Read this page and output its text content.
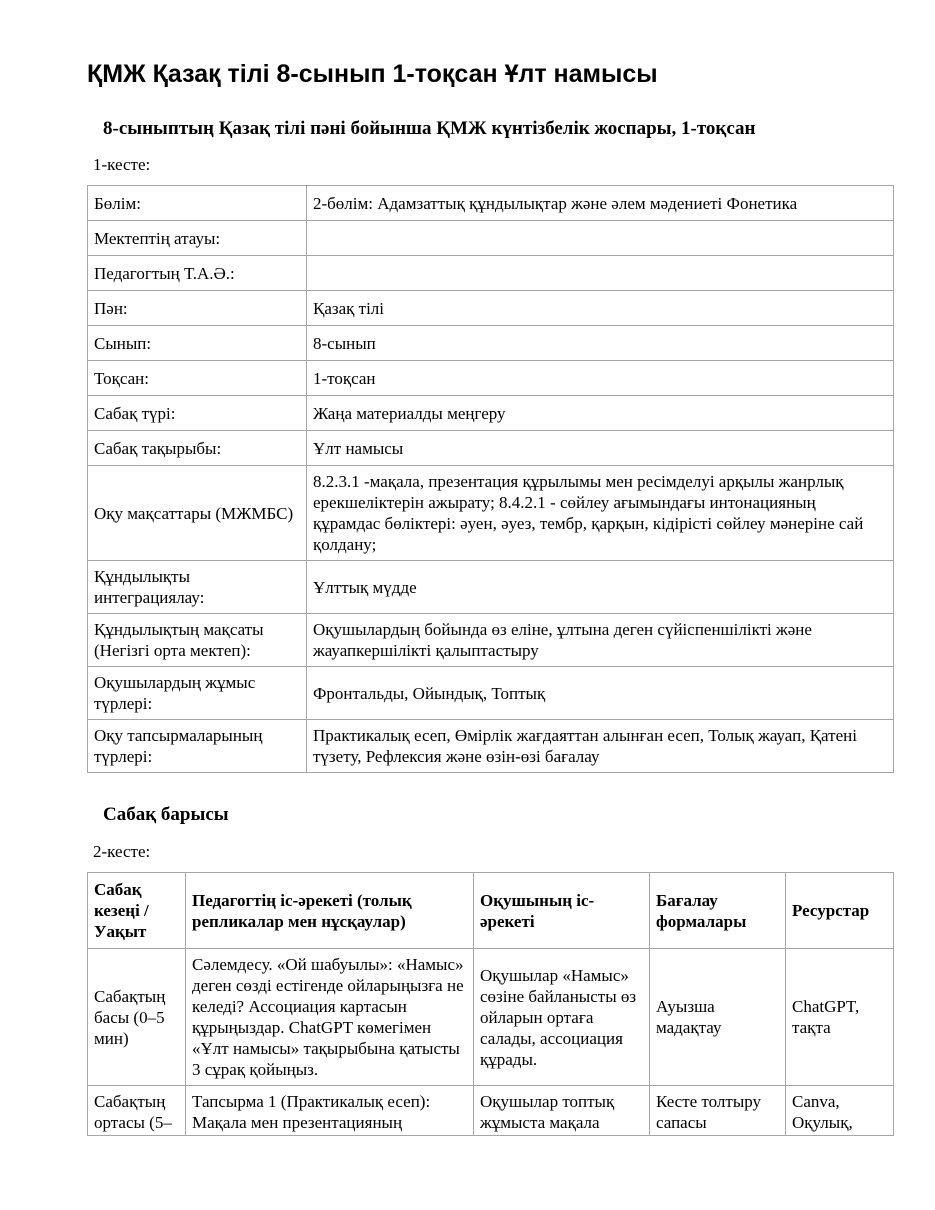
ҚМЖ Қазақ тілі 8-сынып 1-тоқсан Ұлт намысы
8-сыныптың Қазақ тілі пәні бойынша ҚМЖ күнтізбелік жоспары, 1-тоқсан
1-кесте:
Бөлім:	2-бөлім: Адамзаттық құндылықтар және әлем мәдениеті Фонетика
Мектептің атауы:	
Педагогтың Т.А.Ә.:	
Пән:	Қазақ тілі
Сынып:	8-сынып
Тоқсан:	1-тоқсан
Сабақ түрі:	Жаңа материалды меңгеру
Сабақ тақырыбы:	Ұлт намысы
Оқу мақсаттары (МЖМБС)	8.2.3.1 -мақала, презентация құрылымы мен ресімделуі арқылы жанрлық ерекшеліктерін ажырату; 8.4.2.1 - сөйлеу ағымындағы интонацияның құрамдас бөліктері: әуен, әуез, тембр, қарқын, кідірісті сөйлеу мәнеріне сай қолдану;
Құндылықты интеграциялау:	Ұлттық мүдде
Құндылықтың мақсаты (Негізгі орта мектеп):	Оқушылардың бойында өз еліне, ұлтына деген сүйіспеншілікті және жауапкершілікті қалыптастыру
Оқушылардың жұмыс түрлері:	Фронтальды, Ойындық, Топтық
Оқу тапсырмаларының түрлері:	Практикалық есеп, Өмірлік жағдаяттан алынған есеп, Толық жауап, Қатені түзету, Рефлексия және өзін-өзі бағалау
Сабақ барысы
2-кесте:
Сабақ кезеңі / Уақыт	Педагогтің іс-әрекеті (толық репликалар мен нұсқаулар)	Оқушының іс-әрекеті	Бағалау формалары	Ресурстар
Сабақтың басы (0–5 мин)	Сәлемдесу. «Ой шабуылы»: «Намыс» деген сөзді естігенде ойларыңызға не келеді? Ассоциация картасын құрыңыздар. ChatGPT көмегімен «Ұлт намысы» тақырыбына қатысты 3 сұрақ қойыңыз.	Оқушылар «Намыс» сөзіне байланысты өз ойларын ортаға салады, ассоциация құрады.	Ауызша мадақтау	ChatGPT, тақта
Сабақтың ортасы (5–	Тапсырма 1 (Практикалық есеп): Мақала мен презентацияның	Оқушылар топтық жұмыста мақала	Кесте толтыру сапасы	Canva, Оқулық,
